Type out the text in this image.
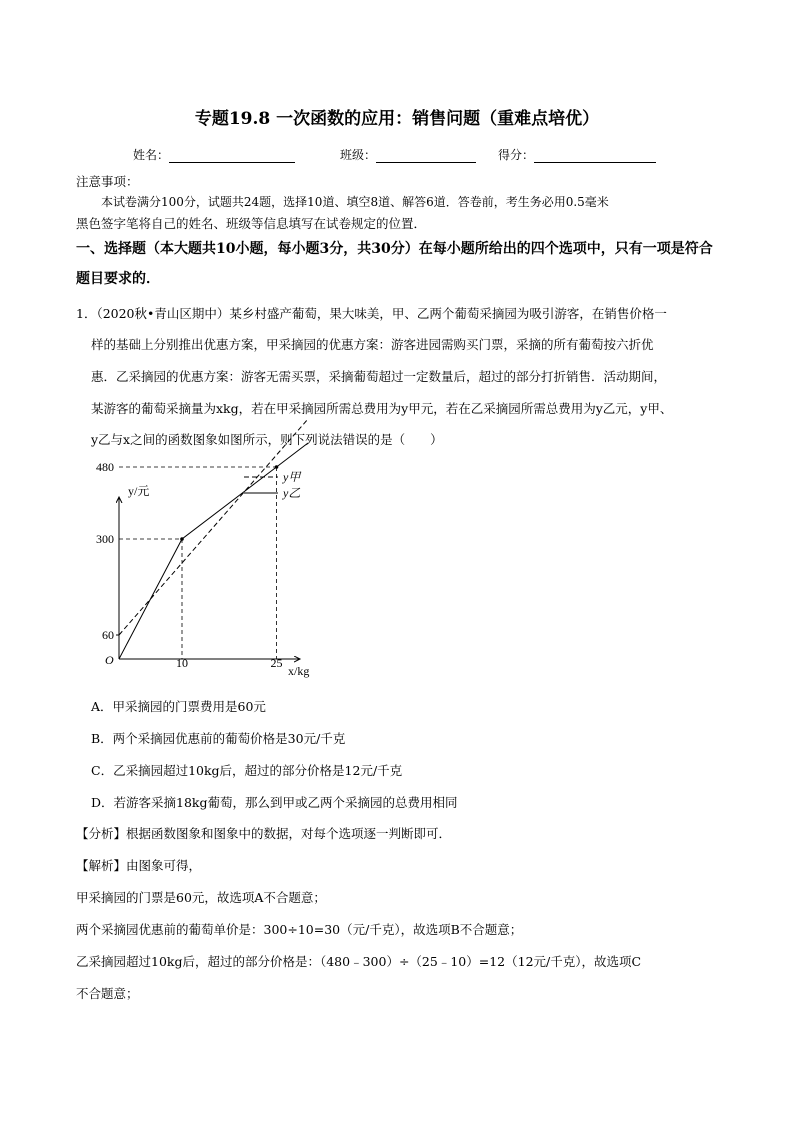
专题19.8 一次函数的应用：销售问题（重难点培优）
姓名：	班级：	得分：
注意事项：
本试卷满分100分，试题共24题，选择10道、填空8道、解答6道．答卷前，考生务必用0.5毫米
黑色签字笔将自己的姓名、班级等信息填写在试卷规定的位置．
一、选择题（本大题共10小题，每小题3分，共30分）在每小题所给出的四个选项中，只有一项是符合
题目要求的．
1．（2020秋•青山区期中）某乡村盛产葡萄，果大味美，甲、乙两个葡萄采摘园为吸引游客，在销售价格一
样的基础上分别推出优惠方案，甲采摘园的优惠方案：游客进园需购买门票，采摘的所有葡萄按六折优
惠．乙采摘园的优惠方案：游客无需买票，采摘葡萄超过一定数量后，超过的部分打折销售．活动期间，
某游客的葡萄采摘量为xkg，若在甲采摘园所需总费用为y甲元，若在乙采摘园所需总费用为y乙元，y甲、
y乙与x之间的函数图象如图所示，则下列说法错误的是（　　）
O
y/元
x/kg
10	25
60
300
480
y甲
y乙
A．甲采摘园的门票费用是60元
B．两个采摘园优惠前的葡萄价格是30元/千克
C．乙采摘园超过10kg后，超过的部分价格是12元/千克
D．若游客采摘18kg葡萄，那么到甲或乙两个采摘园的总费用相同
【分析】根据函数图象和图象中的数据，对每个选项逐一判断即可．
【解析】由图象可得，
甲采摘园的门票是60元，故选项A不合题意；
两个采摘园优惠前的葡萄单价是：300÷10=30（元/千克），故选项B不合题意；
乙采摘园超过10kg后，超过的部分价格是：（480﹣300）÷（25﹣10）=12（12元/千克），故选项C
不合题意；
